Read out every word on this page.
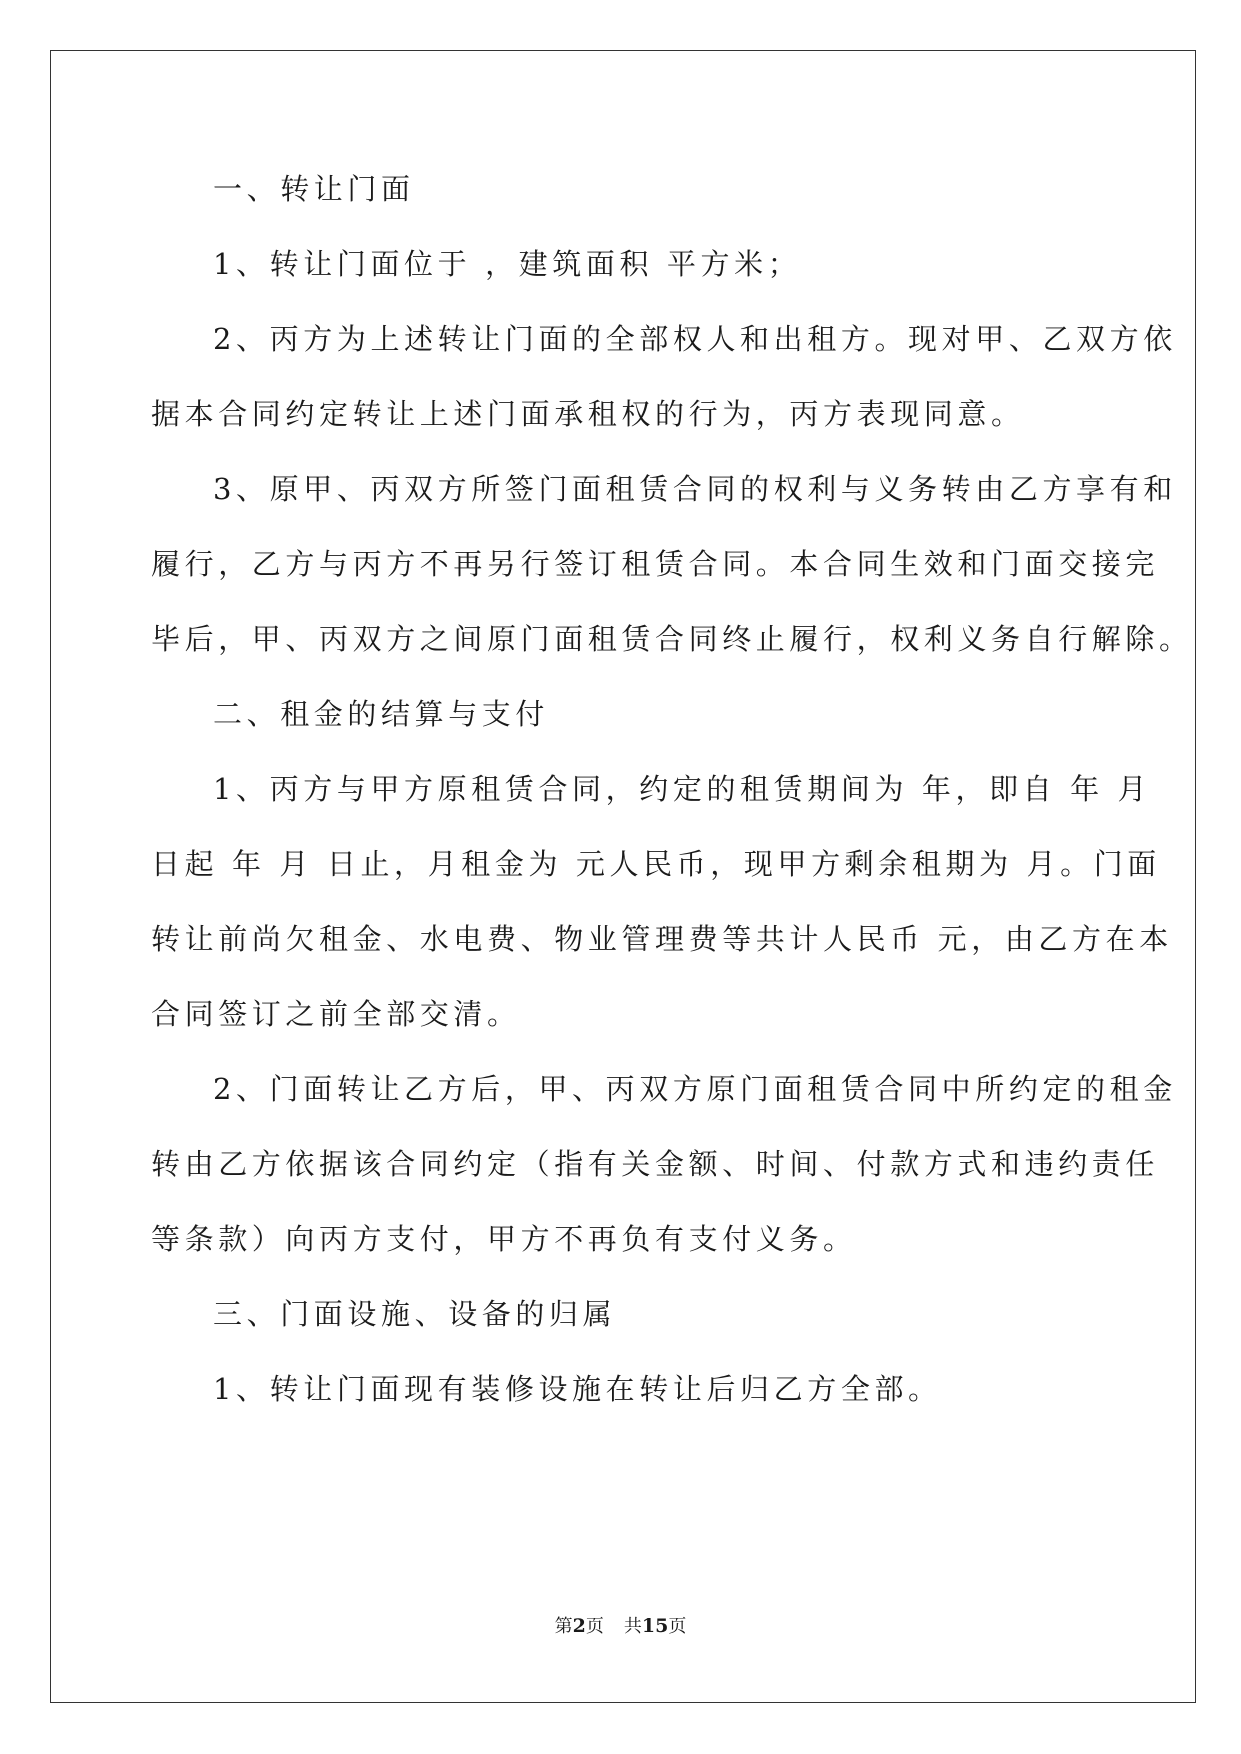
一、转让门面
1、转让门面位于 ，建筑面积 平方米；
2、丙方为上述转让门面的全部权人和出租方。现对甲、乙双方依
据本合同约定转让上述门面承租权的行为，丙方表现同意。
3、原甲、丙双方所签门面租赁合同的权利与义务转由乙方享有和
履行，乙方与丙方不再另行签订租赁合同。本合同生效和门面交接完
毕后，甲、丙双方之间原门面租赁合同终止履行，权利义务自行解除。
二、租金的结算与支付
1、丙方与甲方原租赁合同，约定的租赁期间为 年，即自 年 月
日起 年 月 日止，月租金为 元人民币，现甲方剩余租期为 月。门面
转让前尚欠租金、水电费、物业管理费等共计人民币 元，由乙方在本
合同签订之前全部交清。
2、门面转让乙方后，甲、丙双方原门面租赁合同中所约定的租金
转由乙方依据该合同约定（指有关金额、时间、付款方式和违约责任
等条款）向丙方支付，甲方不再负有支付义务。
三、门面设施、设备的归属
1、转让门面现有装修设施在转让后归乙方全部。
第2页 共15页
